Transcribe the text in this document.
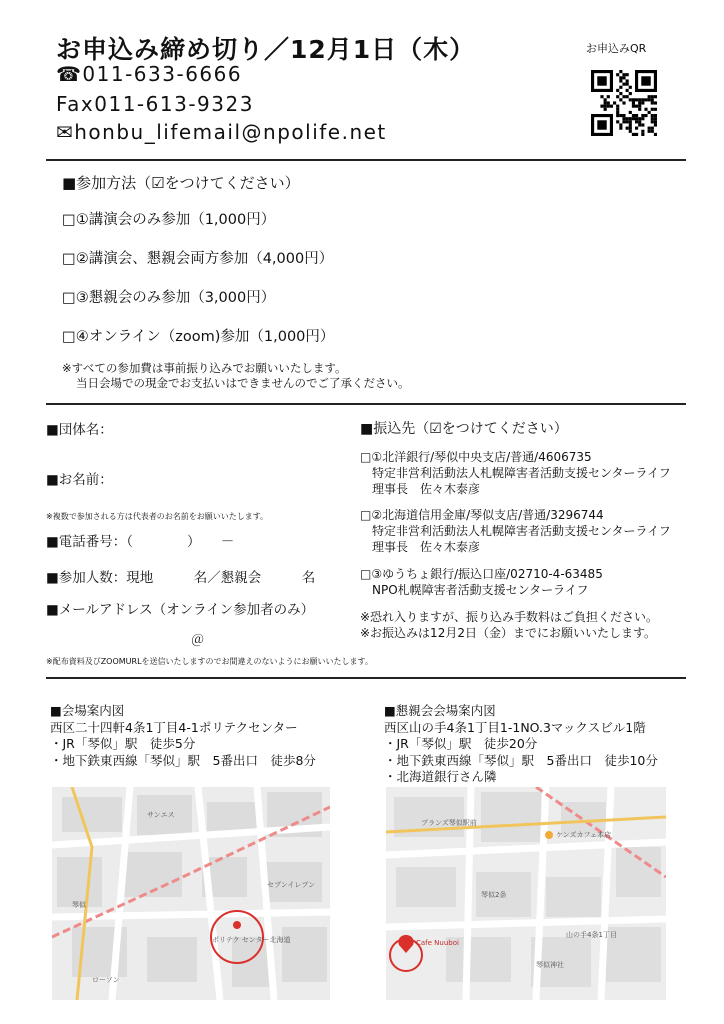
お申込み締め切り／12月1日（木）
☎011-633-6666
Fax011-613-9323
✉honbu_lifemail@npolife.net
お申込みQR
■参加方法（☑をつけてください）
□①講演会のみ参加（1,000円）
□②講演会、懇親会両方参加（4,000円）
□③懇親会のみ参加（3,000円）
□④オンライン（zoom)参加（1,000円）
※すべての参加費は事前振り込みでお願いいたします。
当日会場での現金でお支払いはできませんのでご了承ください。
■団体名：
■お名前：
※複数で参加される方は代表者のお名前をお願いいたします。
■電話番号：（　　　　）　　－
■参加人数：現地　　　名／懇親会　　　名
■メールアドレス（オンライン参加者のみ）
＠
※配布資料及びZOOMURLを送信いたしますのでお間違えのないようにお願いいたします。
■振込先（☑をつけてください）
□①北洋銀行/琴似中央支店/普通/4606735
特定非営利活動法人札幌障害者活動支援センターライフ
理事長　佐々木泰彦
□②北海道信用金庫/琴似支店/普通/3296744
特定非営利活動法人札幌障害者活動支援センターライフ
理事長　佐々木泰彦
□③ゆうちょ銀行/振込口座/02710-4-63485
NPO札幌障害者活動支援センターライフ
※恐れ入りますが、振り込み手数料はご負担ください。
※お振込みは12月2日（金）までにお願いいたします。
■会場案内図
西区二十四軒4条1丁目4-1ポリテクセンター
・JR「琴似」駅　徒歩5分
・地下鉄東西線「琴似」駅　5番出口　徒歩8分
■懇親会会場案内図
西区山の手4条1丁目1-1NO.3マックスビル1階
・JR「琴似」駅　徒歩20分
・地下鉄東西線「琴似」駅　5番出口　徒歩10分
・北海道銀行さん隣
ポリテク センター北海道
琴似
サンエス
セブンイレブン
ローソン
Cafe Nuuboi
琴似神社
ケンズカフェ本店
ブランズ琴似駅前
琴似2条
山の手4条1丁目
